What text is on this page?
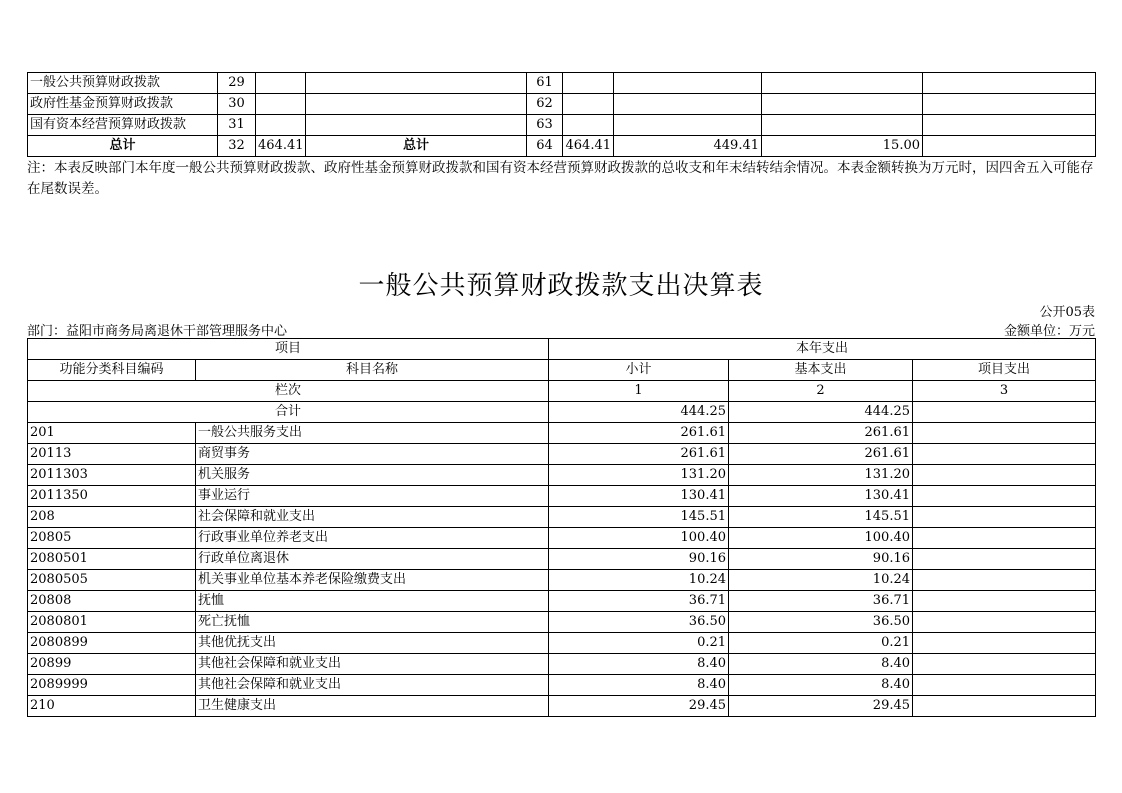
一般公共预算财政拨款	29			61					
政府性基金预算财政拨款	30			62					
国有资本经营预算财政拨款	31			63					
总计	32	464.41	总计	64	464.41	449.41	15.00		
注：本表反映部门本年度一般公共预算财政拨款、政府性基金预算财政拨款和国有资本经营预算财政拨款的总收支和年末结转结余情况。本表金额转换为万元时，因四舍五入可能存在尾数误差。
一般公共预算财政拨款支出决算表
公开05表
部门：益阳市商务局离退休干部管理服务中心	金额单位：万元
项目		本年支出		
功能分类科目编码	科目名称	小计	基本支出	项目支出
栏次		1	2	3
合计		444.25	444.25	
201	一般公共服务支出	261.61	261.61	
20113	商贸事务	261.61	261.61	
2011303	机关服务	131.20	131.20	
2011350	事业运行	130.41	130.41	
208	社会保障和就业支出	145.51	145.51	
20805	行政事业单位养老支出	100.40	100.40	
2080501	行政单位离退休	90.16	90.16	
2080505	机关事业单位基本养老保险缴费支出	10.24	10.24	
20808	抚恤	36.71	36.71	
2080801	死亡抚恤	36.50	36.50	
2080899	其他优抚支出	0.21	0.21	
20899	其他社会保障和就业支出	8.40	8.40	
2089999	其他社会保障和就业支出	8.40	8.40	
210	卫生健康支出	29.45	29.45	
